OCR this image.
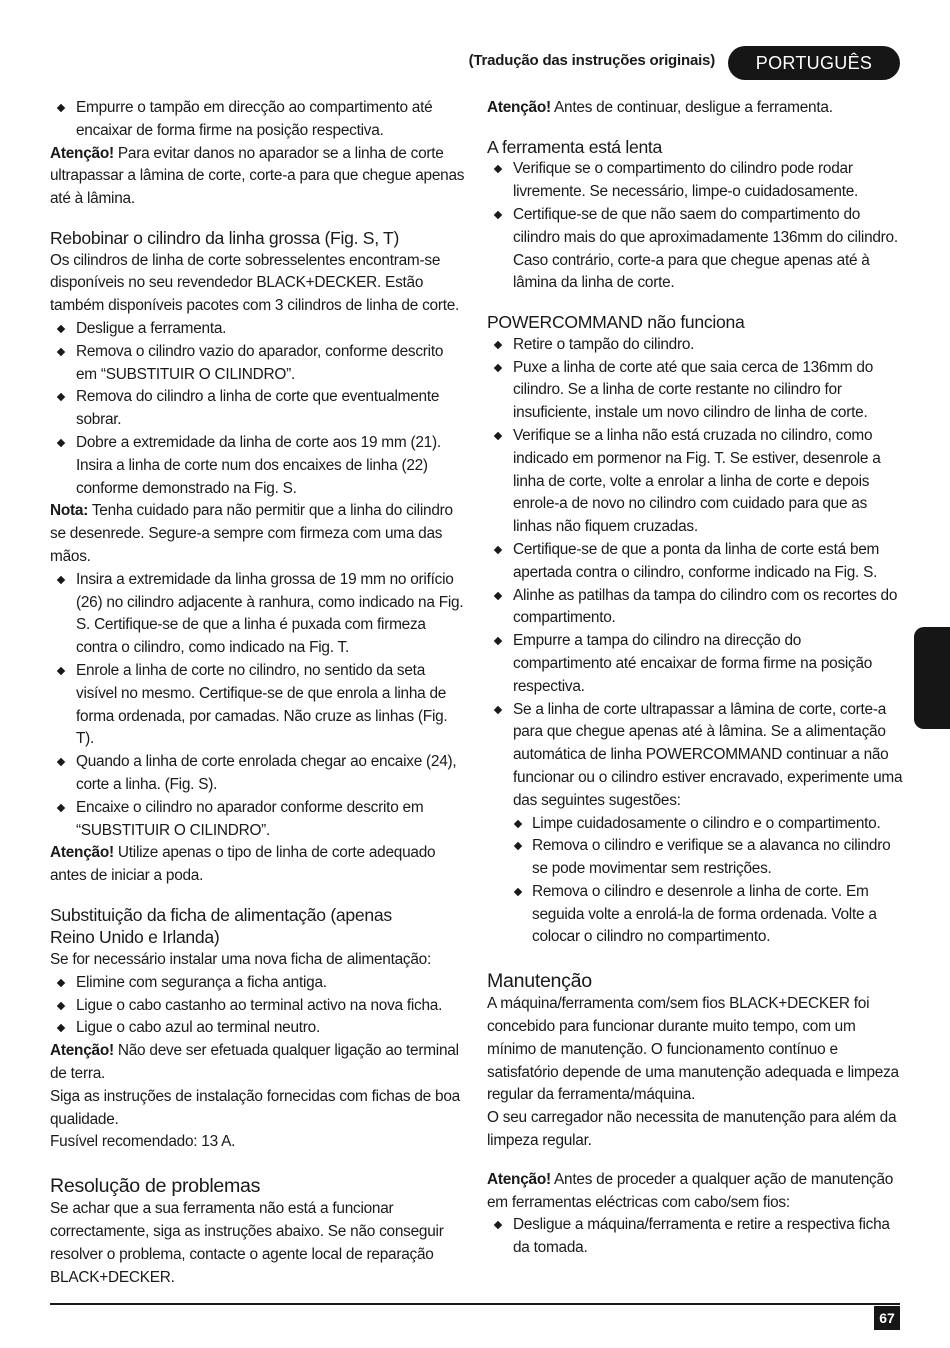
(Tradução das instruções originais)	PORTUGUÊS
Empurre o tampão em direcção ao compartimento até encaixar de forma firme na posição respectiva.

Atenção! Para evitar danos no aparador se a linha de corte ultrapassar a lâmina de corte, corte-a para que chegue apenas até à lâmina.

Rebobinar o cilindro da linha grossa (Fig. S, T)

Os cilindros de linha de corte sobresselentes encontram-se disponíveis no seu revendedor BLACK+DECKER. Estão também disponíveis pacotes com 3 cilindros de linha de corte.

Desligue a ferramenta.
Remova o cilindro vazio do aparador, conforme descrito em “SUBSTITUIR O CILINDRO”.
Remova do cilindro a linha de corte que eventualmente sobrar.
Dobre a extremidade da linha de corte aos 19 mm (21). Insira a linha de corte num dos encaixes de linha (22) conforme demonstrado na Fig. S.

Nota: Tenha cuidado para não permitir que a linha do cilindro se desenrede. Segure-a sempre com firmeza com uma das mãos.

Insira a extremidade da linha grossa de 19 mm no orifício (26) no cilindro adjacente à ranhura, como indicado na Fig. S. Certifique-se de que a linha é puxada com firmeza contra o cilindro, como indicado na Fig. T.
Enrole a linha de corte no cilindro, no sentido da seta visível no mesmo. Certifique-se de que enrola a linha de forma ordenada, por camadas. Não cruze as linhas (Fig. T).
Quando a linha de corte enrolada chegar ao encaixe (24), corte a linha. (Fig. S).
Encaixe o cilindro no aparador conforme descrito em “SUBSTITUIR O CILINDRO”.

Atenção! Utilize apenas o tipo de linha de corte adequado antes de iniciar a poda.

Substituição da ficha de alimentação (apenas
Reino Unido e Irlanda)

Se for necessário instalar uma nova ficha de alimentação:

Elimine com segurança a ficha antiga.
Ligue o cabo castanho ao terminal activo na nova ficha.
Ligue o cabo azul ao terminal neutro.

Atenção! Não deve ser efetuada qualquer ligação ao terminal de terra.

Siga as instruções de instalação fornecidas com fichas de boa qualidade.

Fusível recomendado: 13 A.

Resolução de problemas

Se achar que a sua ferramenta não está a funcionar correctamente, siga as instruções abaixo. Se não conseguir resolver o problema, contacte o agente local de reparação BLACK+DECKER.

Atenção! Antes de continuar, desligue a ferramenta.

A ferramenta está lenta
Verifique se o compartimento do cilindro pode rodar livremente. Se necessário, limpe-o cuidadosamente.
Certifique-se de que não saem do compartimento do cilindro mais do que aproximadamente 136mm do cilindro. Caso contrário, corte-a para que chegue apenas até à lâmina da linha de corte.
POWERCOMMAND não funciona
Retire o tampão do cilindro.
Puxe a linha de corte até que saia cerca de 136mm do cilindro. Se a linha de corte restante no cilindro for insuficiente, instale um novo cilindro de linha de corte.
Verifique se a linha não está cruzada no cilindro, como indicado em pormenor na Fig. T. Se estiver, desenrole a linha de corte, volte a enrolar a linha de corte e depois enrole-a de novo no cilindro com cuidado para que as linhas não fiquem cruzadas.
Certifique-se de que a ponta da linha de corte está bem apertada contra o cilindro, conforme indicado na Fig. S.
Alinhe as patilhas da tampa do cilindro com os recortes do compartimento.
Empurre a tampa do cilindro na direcção do compartimento até encaixar de forma firme na posição respectiva.
Se a linha de corte ultrapassar a lâmina de corte, corte-a para que chegue apenas até à lâmina. Se a alimentação automática de linha POWERCOMMAND continuar a não funcionar ou o cilindro estiver encravado, experimente uma das seguintes sugestões:
Limpe cuidadosamente o cilindro e o compartimento.
Remova o cilindro e verifique se a alavanca no cilindro se pode movimentar sem restrições.
Remova o cilindro e desenrole a linha de corte. Em seguida volte a enrolá-la de forma ordenada. Volte a colocar o cilindro no compartimento.
Manutenção

A máquina/ferramenta com/sem fios BLACK+DECKER foi concebido para funcionar durante muito tempo, com um mínimo de manutenção. O funcionamento contínuo e satisfatório depende de uma manutenção adequada e limpeza regular da ferramenta/máquina.

O seu carregador não necessita de manutenção para além da limpeza regular.

Atenção! Antes de proceder a qualquer ação de manutenção em ferramentas eléctricas com cabo/sem fios:

Desligue a máquina/ferramenta e retire a respectiva ficha da tomada.
67
